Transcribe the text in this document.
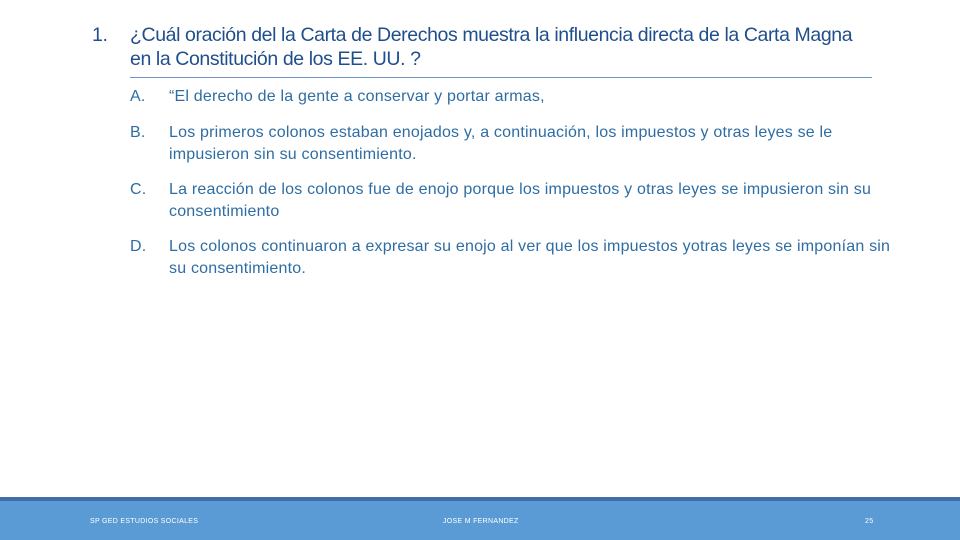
1. ¿Cuál oración del la Carta de Derechos muestra la influencia directa de la Carta Magna en la Constitución de los EE. UU. ?
A. “El derecho de la gente a conservar y portar armas,
B. Los primeros colonos estaban enojados y, a continuación, los impuestos y otras leyes se le impusieron sin su consentimiento.
C. La reacción de los colonos fue de enojo porque los impuestos y otras leyes se impusieron sin su consentimiento
D. Los colonos continuaron a expresar su enojo al ver que los impuestos yotras leyes se imponían sin su consentimiento.
SP GED ESTUDIOS SOCIALES	JOSE M FERNANDEZ	25
